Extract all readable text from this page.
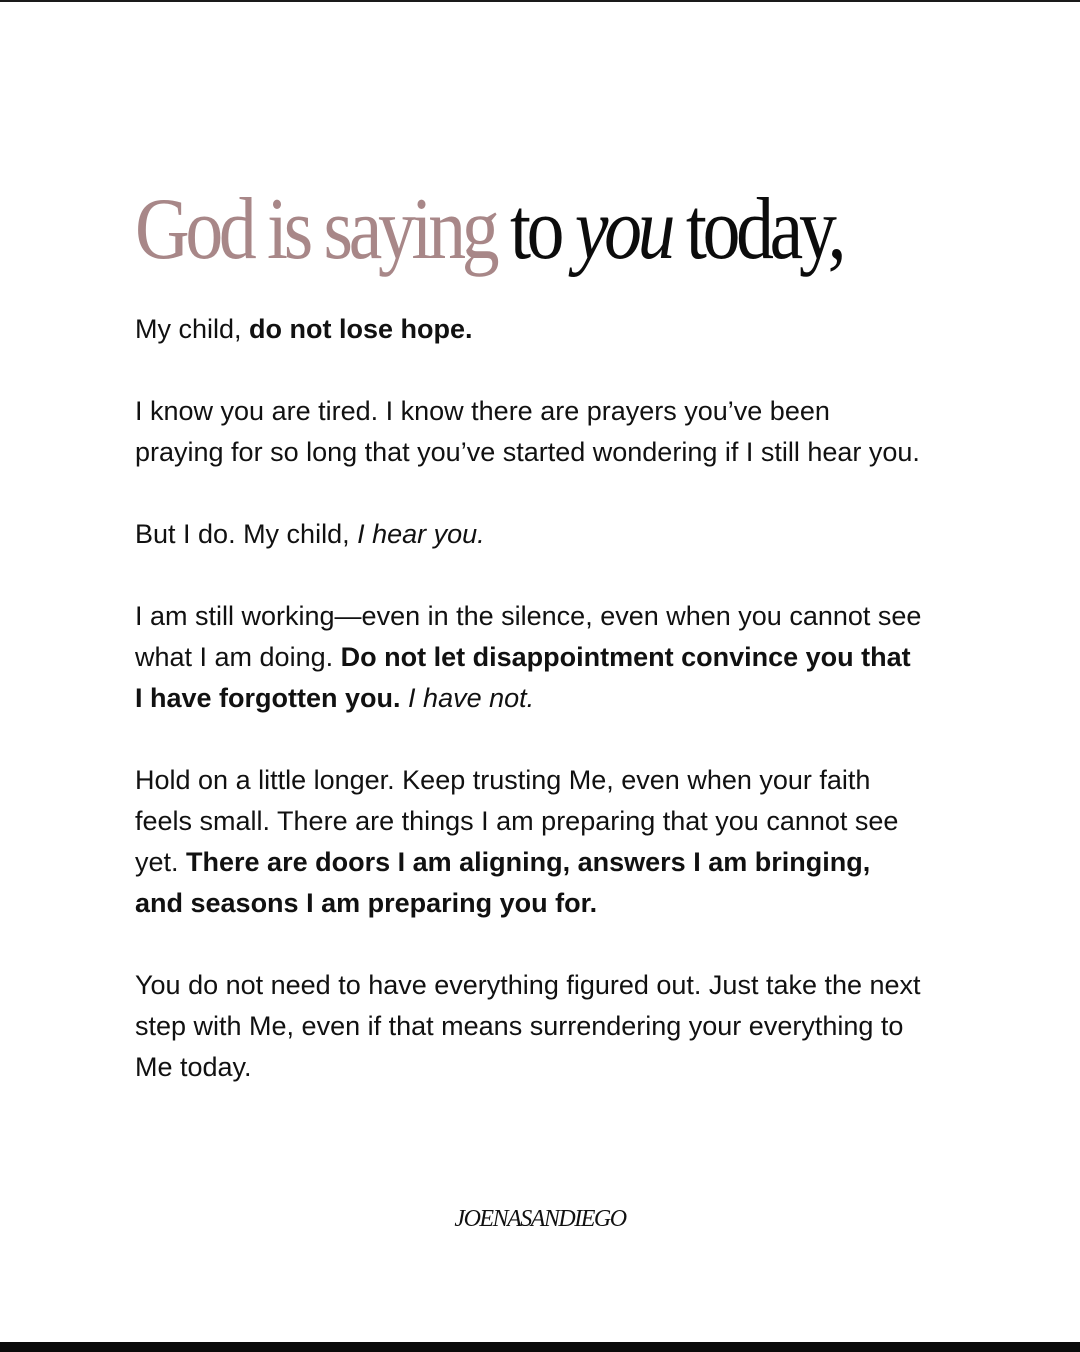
God is saying to you today,

My child, do not lose hope.

I know you are tired. I know there are prayers you’ve been praying for so long that you’ve started wondering if I still hear you.

But I do. My child, I hear you.

I am still working—even in the silence, even when you cannot see what I am doing. Do not let disappointment convince you that I have forgotten you. I have not.

Hold on a little longer. Keep trusting Me, even when your faith feels small. There are things I am preparing that you cannot see yet. There are doors I am aligning, answers I am bringing, and seasons I am preparing you for.

You do not need to have everything figured out. Just take the next step with Me, even if that means surrendering your everything to Me today.

JOENASANDIEGO
